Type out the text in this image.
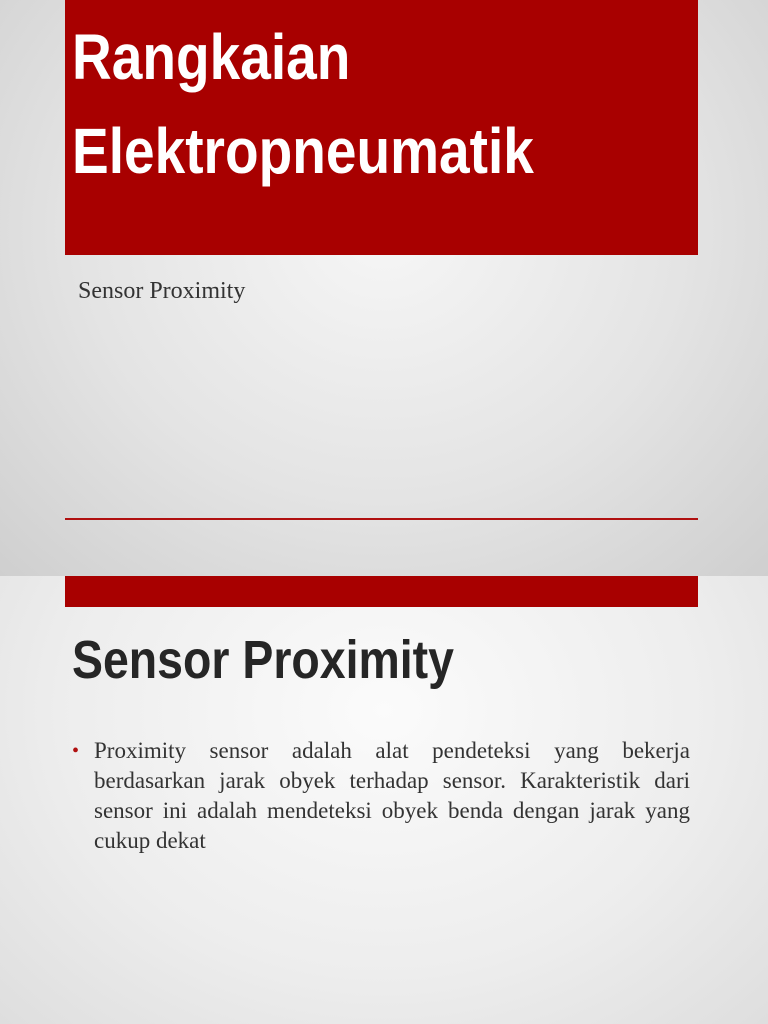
Rangkaian
Elektropneumatik
Sensor Proximity
Sensor Proximity
• Proximity sensor adalah alat pendeteksi yang bekerja berdasarkan jarak obyek terhadap sensor. Karakteristik dari sensor ini adalah mendeteksi obyek benda dengan jarak yang cukup dekat
